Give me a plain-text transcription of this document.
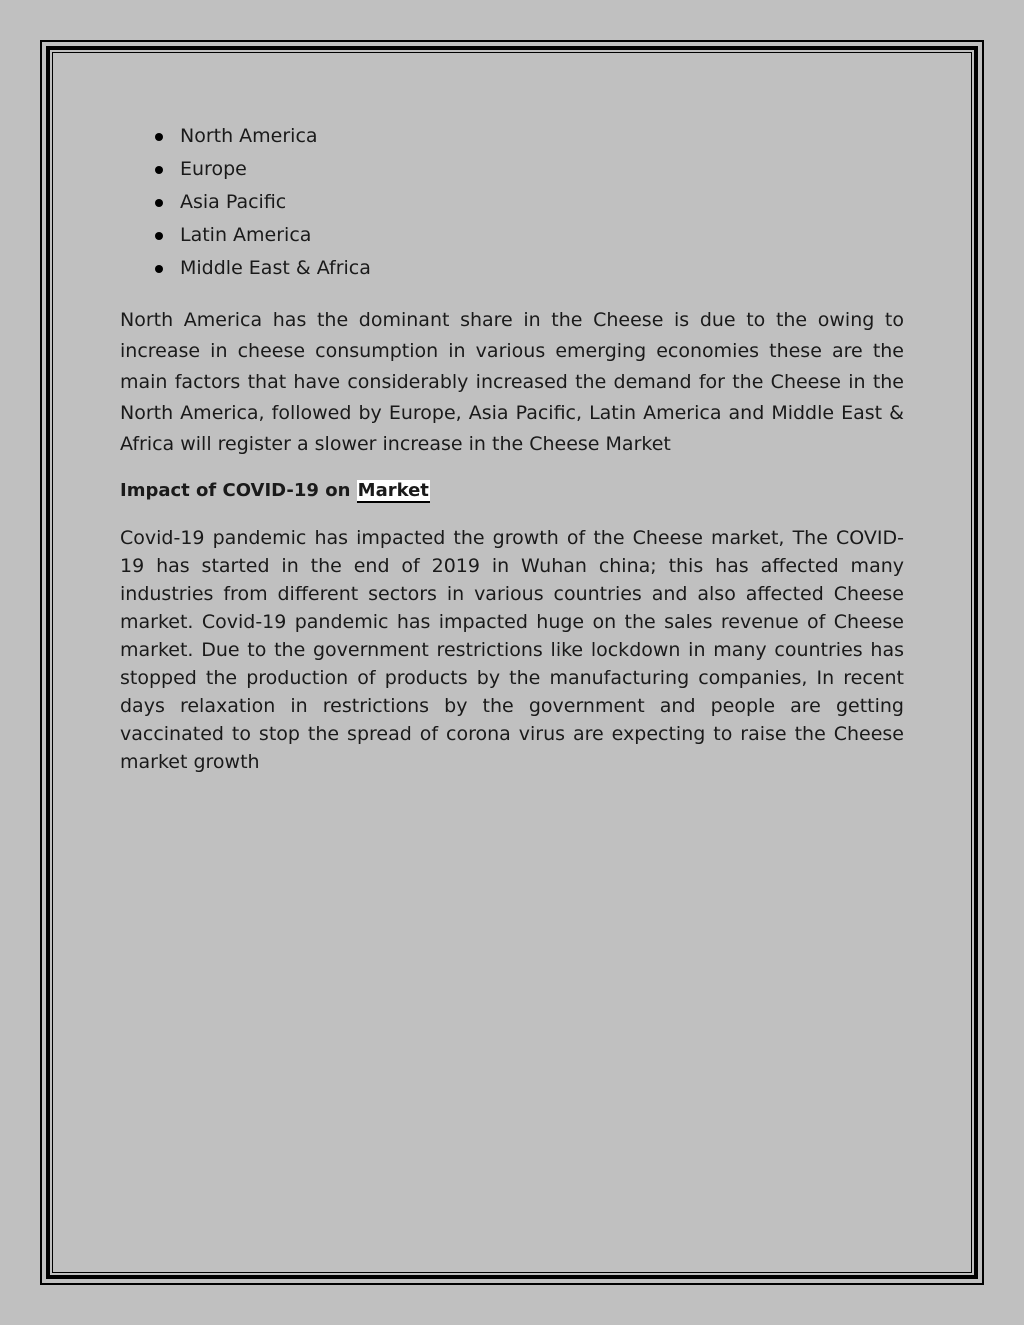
North America
Europe
Asia Pacific
Latin America
Middle East & Africa

North America has the dominant share in the Cheese is due to the owing to increase in cheese consumption in various emerging economies these are the main factors that have considerably increased the demand for the Cheese in the North America, followed by Europe, Asia Pacific, Latin America and Middle East & Africa will register a slower increase in the Cheese Market

Impact of COVID-19 on Market

Covid-19 pandemic has impacted the growth of the Cheese market, The COVID-19 has started in the end of 2019 in Wuhan china; this has affected many industries from different sectors in various countries and also affected Cheese market. Covid-19 pandemic has impacted huge on the sales revenue of Cheese market. Due to the government restrictions like lockdown in many countries has stopped the production of products by the manufacturing companies, In recent days relaxation in restrictions by the government and people are getting vaccinated to stop the spread of corona virus are expecting to raise the Cheese market growth
